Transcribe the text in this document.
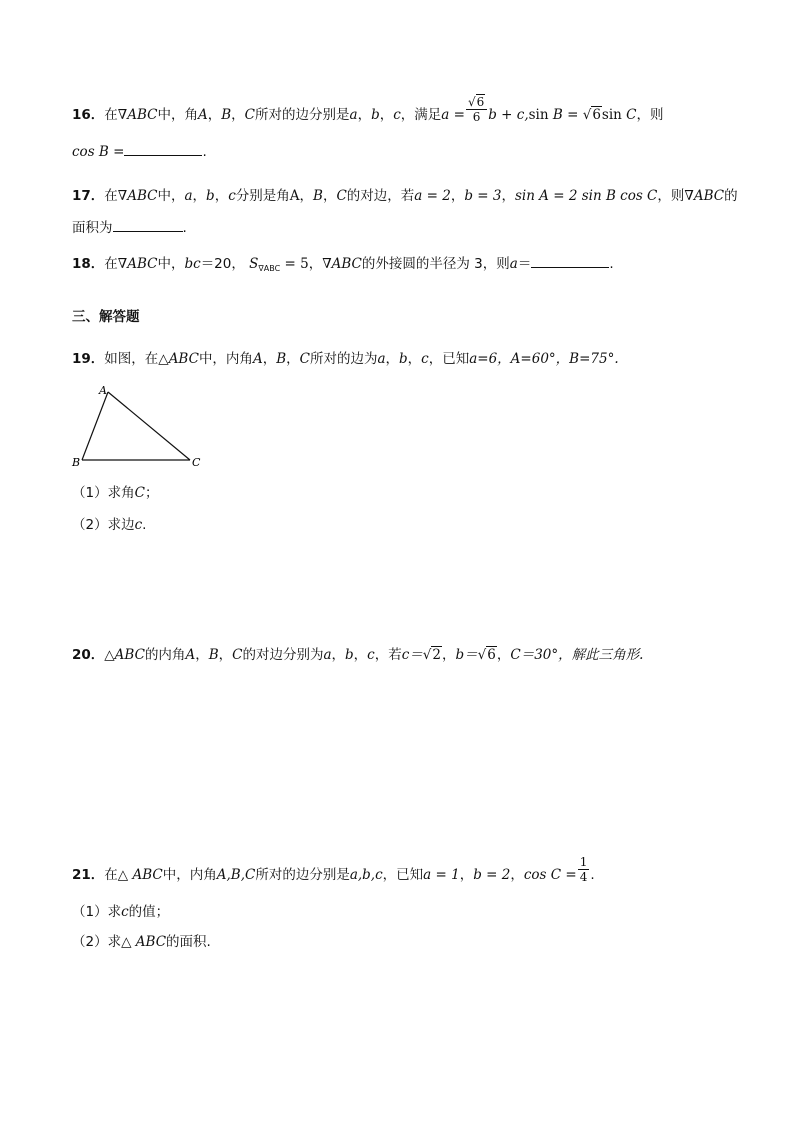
16．在∇ABC中，角A，B，C所对的边分别是a，b，c，满足$a = \frac{√6}{6}$ b + c,sin B = √6sin C，则
cos B =	.
17．在∇ABC中，a，b，c分别是角A，B，C的对边，若a = 2，b = 3，sin A = 2 sin B cos C，则∇ABC的
面积为	.
18．在∇ABC中，bc＝20， $S_{\nabla ABC} = 5$，∇ABC的外接圆的半径为 3，则a＝	.
三、解答题
19．如图，在△ABC中，内角A，B，C所对的边为a，b，c，已知a=6，A=60°，B=75°.
A
B	C
（1）求角C；
（2）求边c.
20．△ABC的内角A，B，C的对边分别为a，b，c，若c＝√2，b＝√6，C＝30°，解此三角形.
21．在△ ABC中，内角A,B,C所对的边分别是a,b,c，已知a = 1，b = 2，$\cos C = \frac{1}{4}$ .
（1）求c的值；
（2）求△ ABC的面积.
